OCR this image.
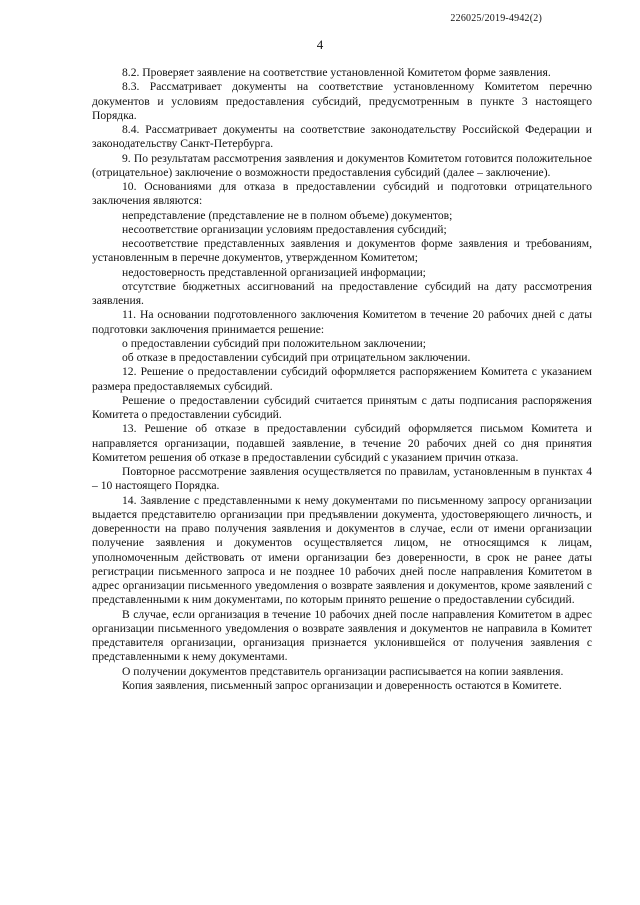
226025/2019-4942(2)
4

8.2. Проверяет заявление на соответствие установленной Комитетом форме заявления.

8.3. Рассматривает документы на соответствие установленному Комитетом перечню документов и условиям предоставления субсидий, предусмотренным в пункте 3 настоящего Порядка.

8.4. Рассматривает документы на соответствие законодательству Российской Федерации и законодательству Санкт-Петербурга.

9. По результатам рассмотрения заявления и документов Комитетом готовится положительное (отрицательное) заключение о возможности предоставления субсидий (далее – заключение).

10. Основаниями для отказа в предоставлении субсидий и подготовки отрицательного заключения являются:

непредставление (представление не в полном объеме) документов;

несоответствие организации условиям предоставления субсидий;

несоответствие представленных заявления и документов форме заявления и требованиям, установленным в перечне документов, утвержденном Комитетом;

недостоверность представленной организацией информации;

отсутствие бюджетных ассигнований на предоставление субсидий на дату рассмотрения заявления.

11. На основании подготовленного заключения Комитетом в течение 20 рабочих дней с даты подготовки заключения принимается решение:

о предоставлении субсидий при положительном заключении;

об отказе в предоставлении субсидий при отрицательном заключении.

12. Решение о предоставлении субсидий оформляется распоряжением Комитета с указанием размера предоставляемых субсидий.

Решение о предоставлении субсидий считается принятым с даты подписания распоряжения Комитета о предоставлении субсидий.

13. Решение об отказе в предоставлении субсидий оформляется письмом Комитета и направляется организации, подавшей заявление, в течение 20 рабочих дней со дня принятия Комитетом решения об отказе в предоставлении субсидий с указанием причин отказа.

Повторное рассмотрение заявления осуществляется по правилам, установленным в пунктах 4 – 10 настоящего Порядка.

14. Заявление с представленными к нему документами по письменному запросу организации выдается представителю организации при предъявлении документа, удостоверяющего личность, и доверенности на право получения заявления и документов в случае, если от имени организации получение заявления и документов осуществляется лицом, не относящимся к лицам, уполномоченным действовать от имени организации без доверенности, в срок не ранее даты регистрации письменного запроса и не позднее 10 рабочих дней после направления Комитетом в адрес организации письменного уведомления о возврате заявления и документов, кроме заявлений с представленными к ним документами, по которым принято решение о предоставлении субсидий.

В случае, если организация в течение 10 рабочих дней после направления Комитетом в адрес организации письменного уведомления о возврате заявления и документов не направила в Комитет представителя организации, организация признается уклонившейся от получения заявления с представленными к нему документами.

О получении документов представитель организации расписывается на копии заявления.

Копия заявления, письменный запрос организации и доверенность остаются в Комитете.
